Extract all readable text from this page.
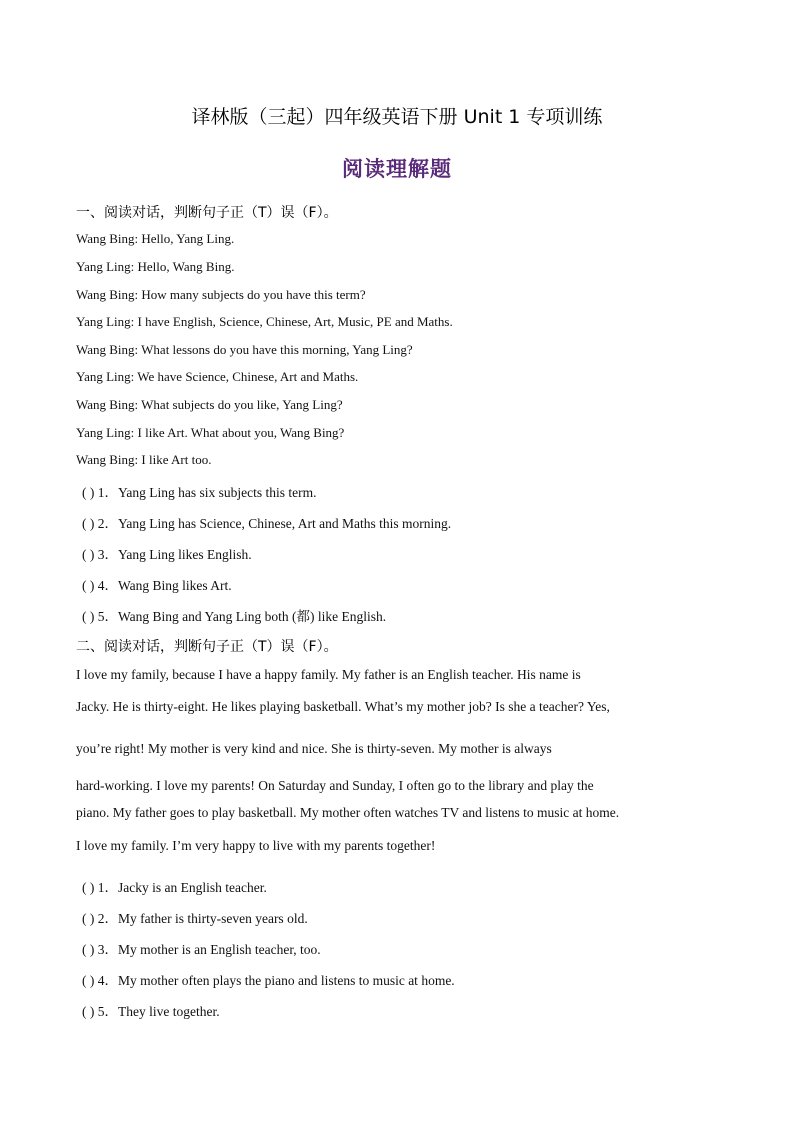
译林版（三起）四年级英语下册 Unit 1 专项训练
阅读理解题
一、阅读对话，判断句子正（T）误（F）。
Wang Bing: Hello, Yang Ling.
Yang Ling: Hello, Wang Bing.
Wang Bing: How many subjects do you have this term?
Yang Ling: I have English, Science, Chinese, Art, Music, PE and Maths.
Wang Bing: What lessons do you have this morning, Yang Ling?
Yang Ling: We have Science, Chinese, Art and Maths.
Wang Bing: What subjects do you like, Yang Ling?
Yang Ling: I like Art. What about you, Wang Bing?
Wang Bing: I like Art too.
( ) 1．Yang Ling has six subjects this term.
( ) 2．Yang Ling has Science, Chinese, Art and Maths this morning.
( ) 3．Yang Ling likes English.
( ) 4．Wang Bing likes Art.
( ) 5．Wang Bing and Yang Ling both (都) like English.
二、阅读对话，判断句子正（T）误（F）。
I love my family, because I have a happy family. My father is an English teacher. His name is
Jacky. He is thirty-eight. He likes playing basketball. What’s my mother job? Is she a teacher? Yes,
you’re right! My mother is very kind and nice. She is thirty-seven. My mother is always
hard-working. I love my parents! On Saturday and Sunday, I often go to the library and play the
piano. My father goes to play basketball. My mother often watches TV and listens to music at home.
I love my family. I’m very happy to live with my parents together!
( ) 1．Jacky is an English teacher.
( ) 2．My father is thirty-seven years old.
( ) 3．My mother is an English teacher, too.
( ) 4．My mother often plays the piano and listens to music at home.
( ) 5．They live together.
